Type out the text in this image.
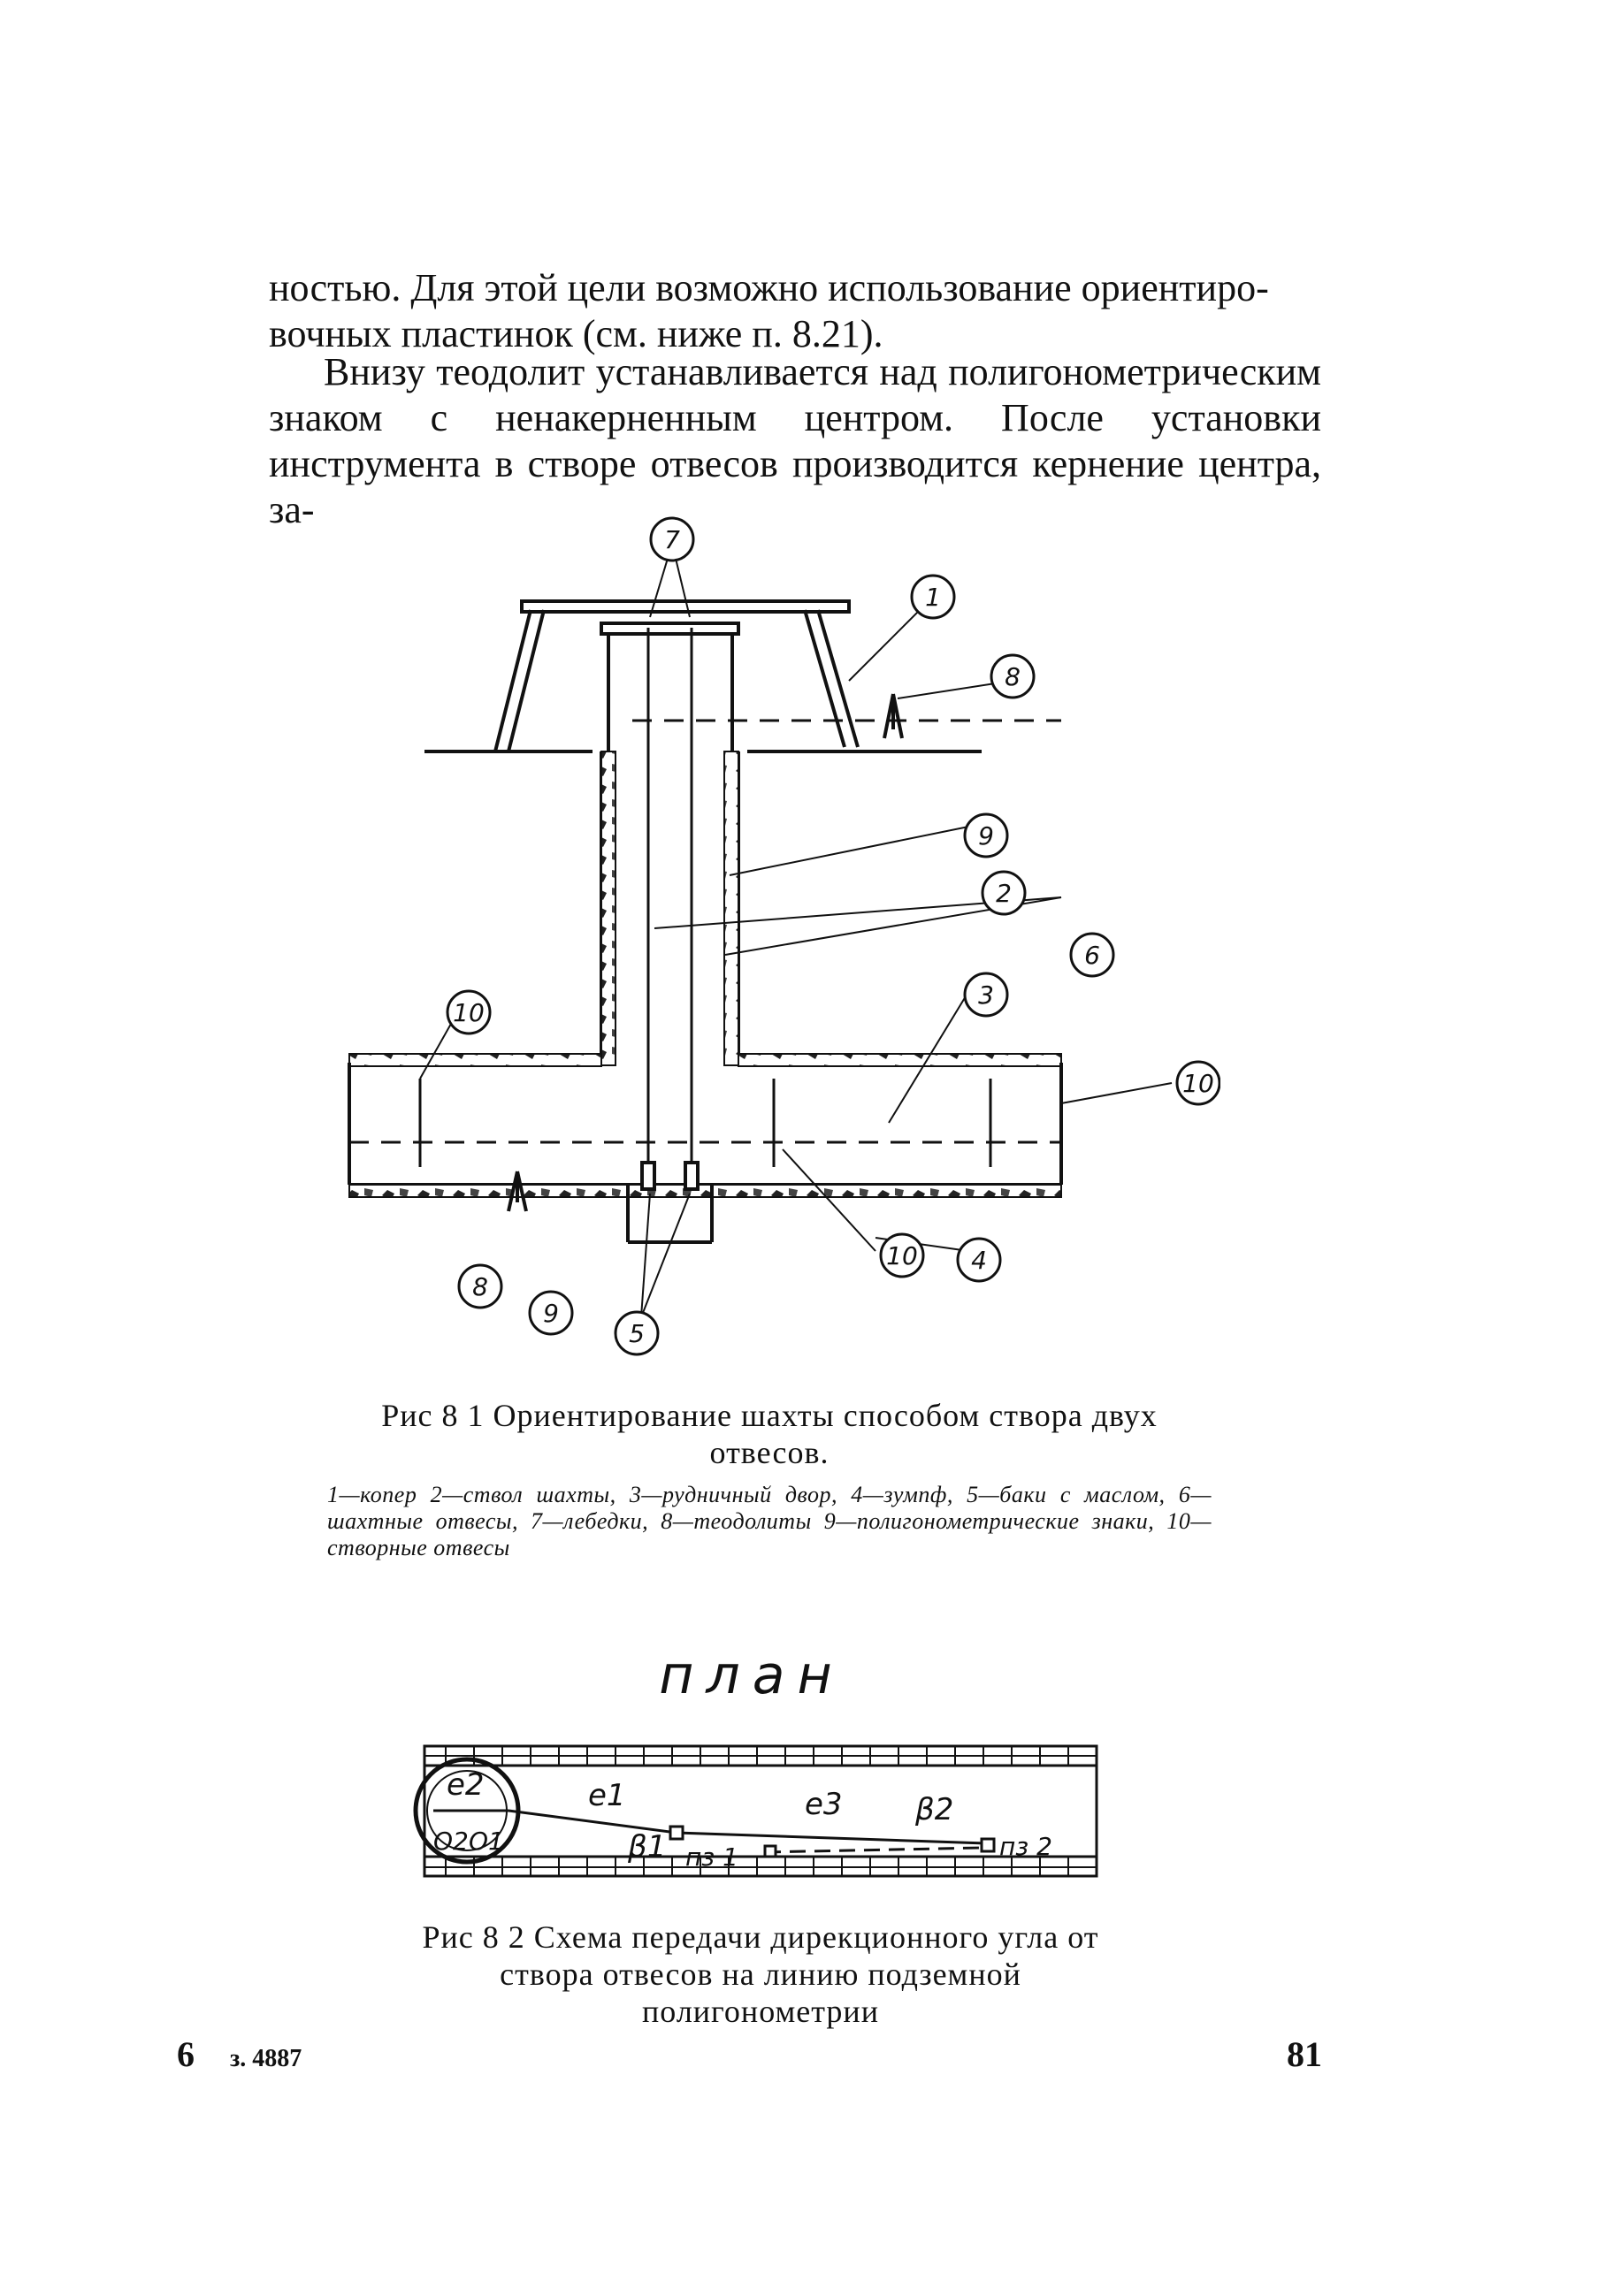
ностью. Для этой цели возможно использование ориентиро-
вочных пластинок (см. ниже п. 8.21).
Внизу теодолит устанавливается над полигонометрическим знаком с ненакерненным центром. После установки инструмента в створе отвесов производится кернение центра, за-
7
1
8
9
2
6
3
10
10
10
8
9
5
4
Рис 8 1 Ориентирование шахты способом створа двух отвесов.
1—копер 2—ствол шахты, 3—рудничный двор, 4—зумпф, 5—баки с маслом, 6—шахтные отвесы, 7—лебедки, 8—теодолиты 9—полигонометрические знаки, 10—створные отвесы
план
e2	e1	e3 β2
β1
О2 О1
пз 1	пз 2
Рис 8 2 Схема передачи дирекционного угла от створа отвесов на линию подземной полигонометрии
6 з. 4887	81
